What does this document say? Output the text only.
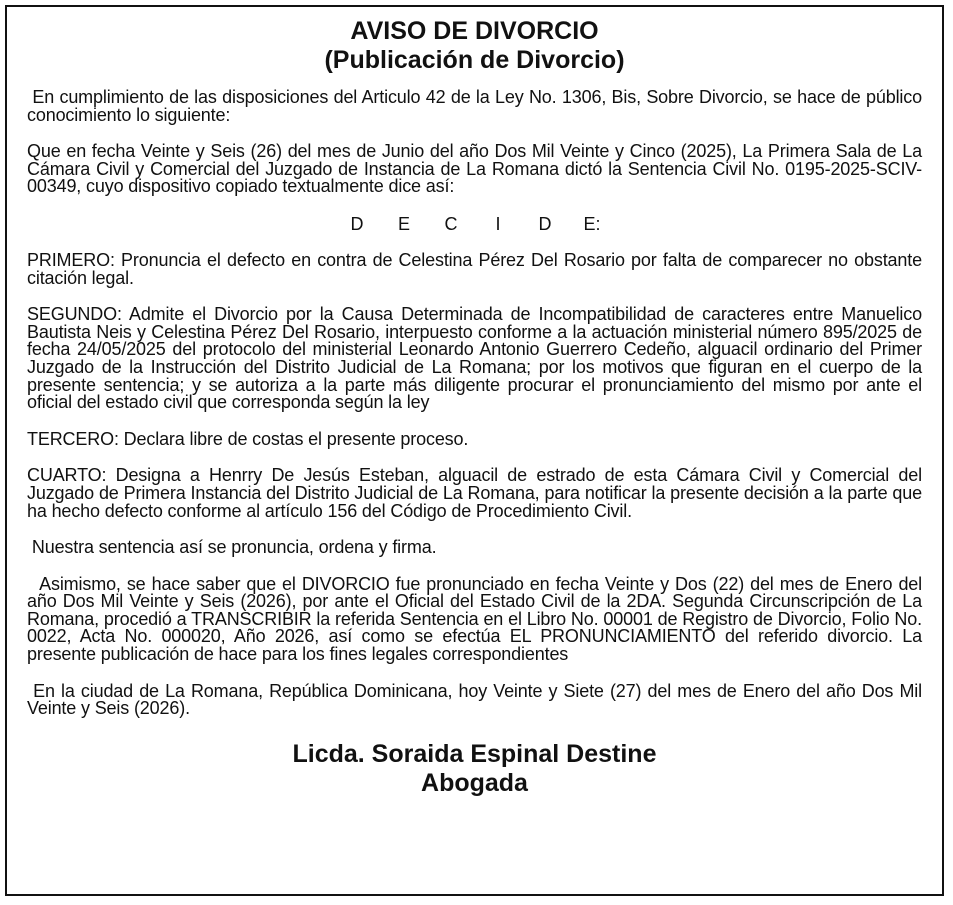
AVISO DE DIVORCIO
(Publicación de Divorcio)

En cumplimiento de las disposiciones del Articulo 42 de la Ley No. 1306, Bis, Sobre Divorcio, se hace de público conocimiento lo siguiente:

Que en fecha Veinte y Seis (26) del mes de Junio del año Dos Mil Veinte y Cinco (2025), La Primera Sala de La Cámara Civil y Comercial del Juzgado de Instancia de La Romana dictó la Sentencia Civil No. 0195-2025-SCIV-00349, cuyo dispositivo copiado textualmente dice así:

D	E	C	I	D	E:

PRIMERO: Pronuncia el defecto en contra de Celestina Pérez Del Rosario por falta de comparecer no obstante citación legal.

SEGUNDO: Admite el Divorcio por la Causa Determinada de Incompatibilidad de caracteres entre Manuelico Bautista Neis y Celestina Pérez Del Rosario, interpuesto conforme a la actuación ministerial número 895/2025 de fecha 24/05/2025 del protocolo del ministerial Leonardo Antonio Guerrero Cedeño, alguacil ordinario del Primer Juzgado de la Instrucción del Distrito Judicial de La Romana; por los motivos que figuran en el cuerpo de la presente sentencia; y se autoriza a la parte más diligente procurar el pronunciamiento del mismo por ante el oficial del estado civil que corresponda según la ley

TERCERO: Declara libre de costas el presente proceso.

CUARTO: Designa a Henrry De Jesús Esteban, alguacil de estrado de esta Cámara Civil y Comercial del Juzgado de Primera Instancia del Distrito Judicial de La Romana, para notificar la presente decisión a la parte que ha hecho defecto conforme al artículo 156 del Código de Procedimiento Civil.

Nuestra sentencia así se pronuncia, ordena y firma.

Asimismo, se hace saber que el DIVORCIO fue pronunciado en fecha Veinte y Dos (22) del mes de Enero del año Dos Mil Veinte y Seis (2026), por ante el Oficial del Estado Civil de la 2DA. Segunda Circunscripción de La Romana, procedió a TRANSCRIBIR la referida Sentencia en el Libro No. 00001 de Registro de Divorcio, Folio No. 0022, Acta No. 000020, Año 2026, así como se efectúa EL PRONUNCIAMIENTO del referido divorcio. La presente publicación de hace para los fines legales correspondientes

En la ciudad de La Romana, República Dominicana, hoy Veinte y Siete (27) del mes de Enero del año Dos Mil Veinte y Seis (2026).

Licda. Soraida Espinal Destine
Abogada
